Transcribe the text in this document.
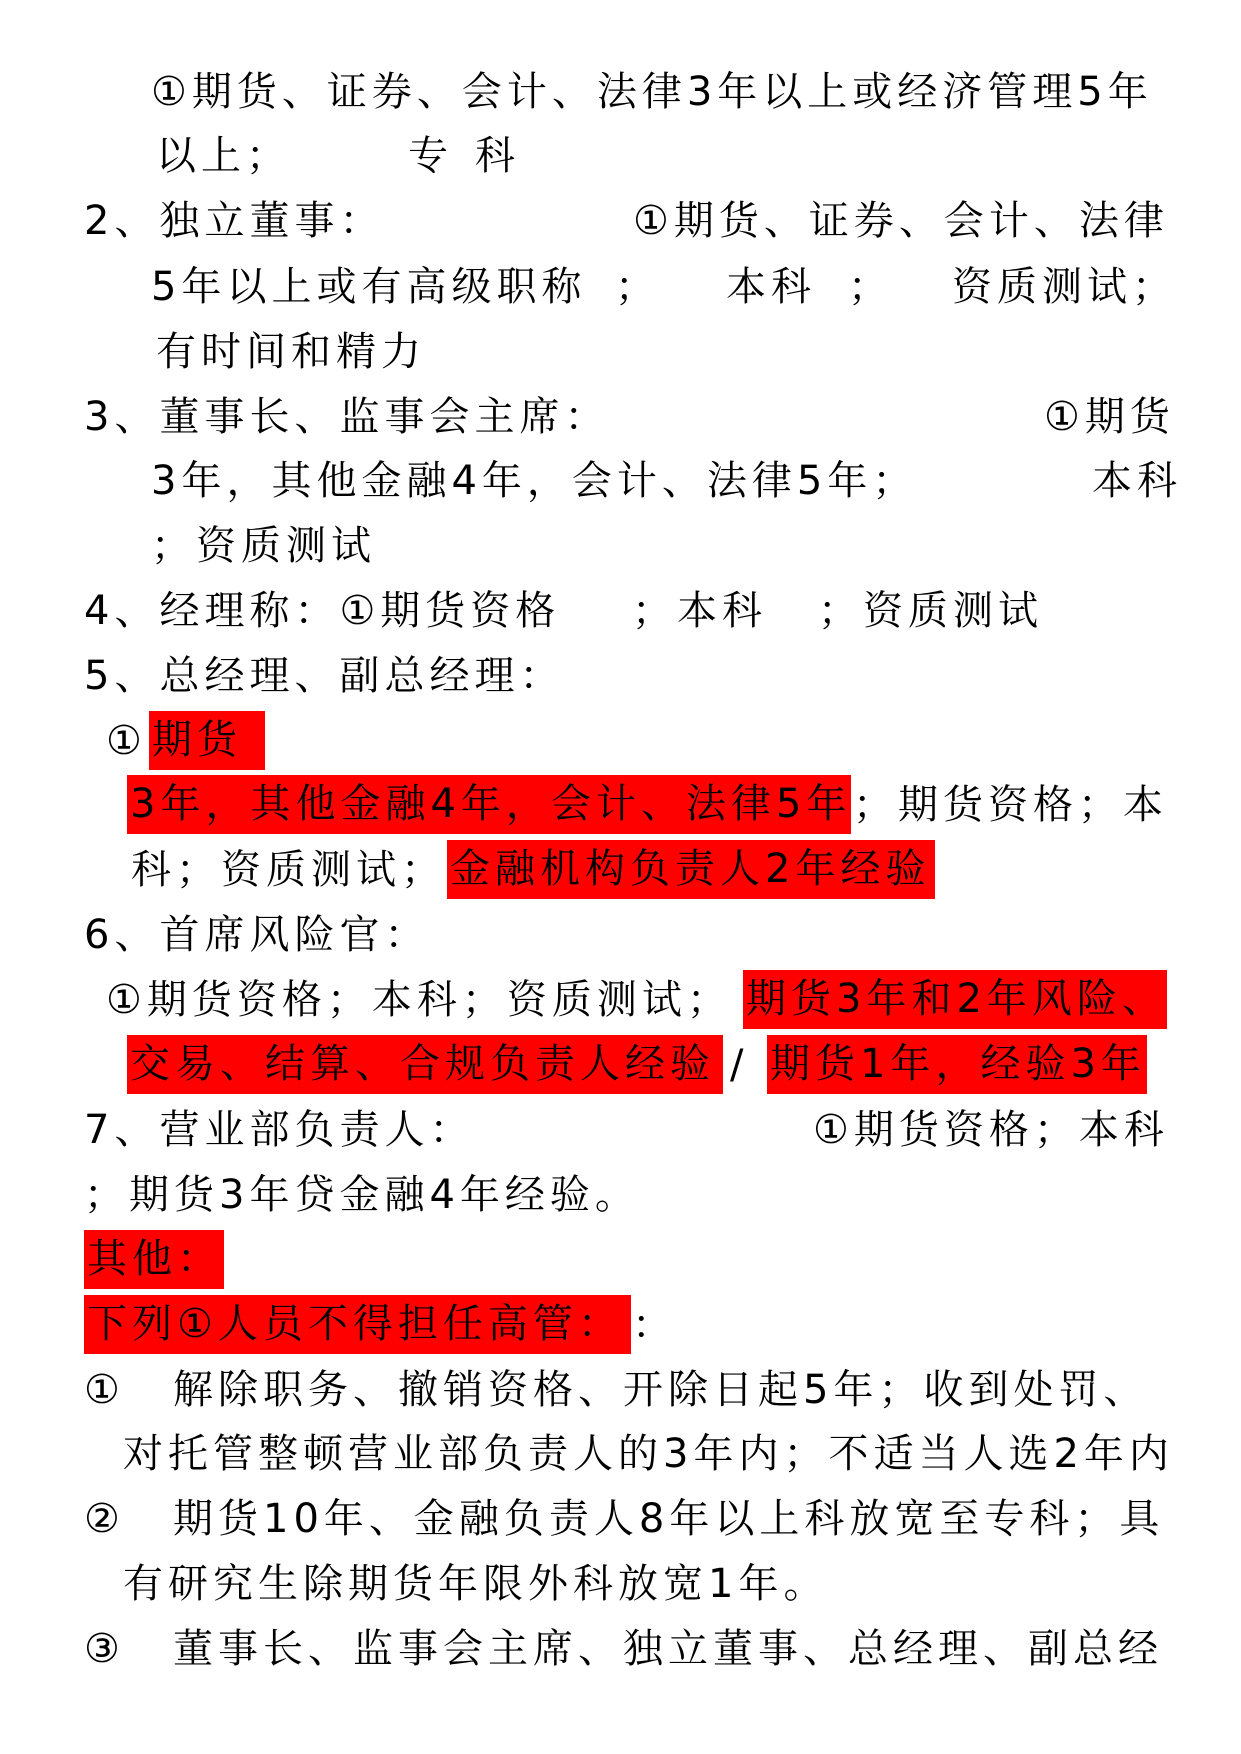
①期货、证券、会计、法律3年以上或经济管理5年
以上；	专 科
2、独立董事：	①期货、证券、会计、法律
5年以上或有高级职称 ； 本科 ； 资质测试；
有时间和精力
3、董事长、监事会主席：	①期货
3年，其他金融4年，会计、法律5年；	本科
；资质测试
4、经理称：①期货资格 ；本科 ；资质测试
5、总经理、副总经理：
① 期货
3年，其他金融4年，会计、法律5年 ；期货资格；本
科；资质测试； 金融机构负责人2年经验
6、首席风险官：
①期货资格；本科；资质测试； 期货3年和2年风险、
交易、结算、合规负责人经验 / 期货1年，经验3年
7、营业部负责人：	①期货资格；本科
；期货3年贷金融4年经验。
其他：
下列①人员不得担任高管： ：
① 解除职务、撤销资格、开除日起5年；收到处罚、
对托管整顿营业部负责人的3年内；不适当人选2年内
② 期货10年、金融负责人8年以上科放宽至专科；具
有研究生除期货年限外科放宽1年。
③ 董事长、监事会主席、独立董事、总经理、副总经
